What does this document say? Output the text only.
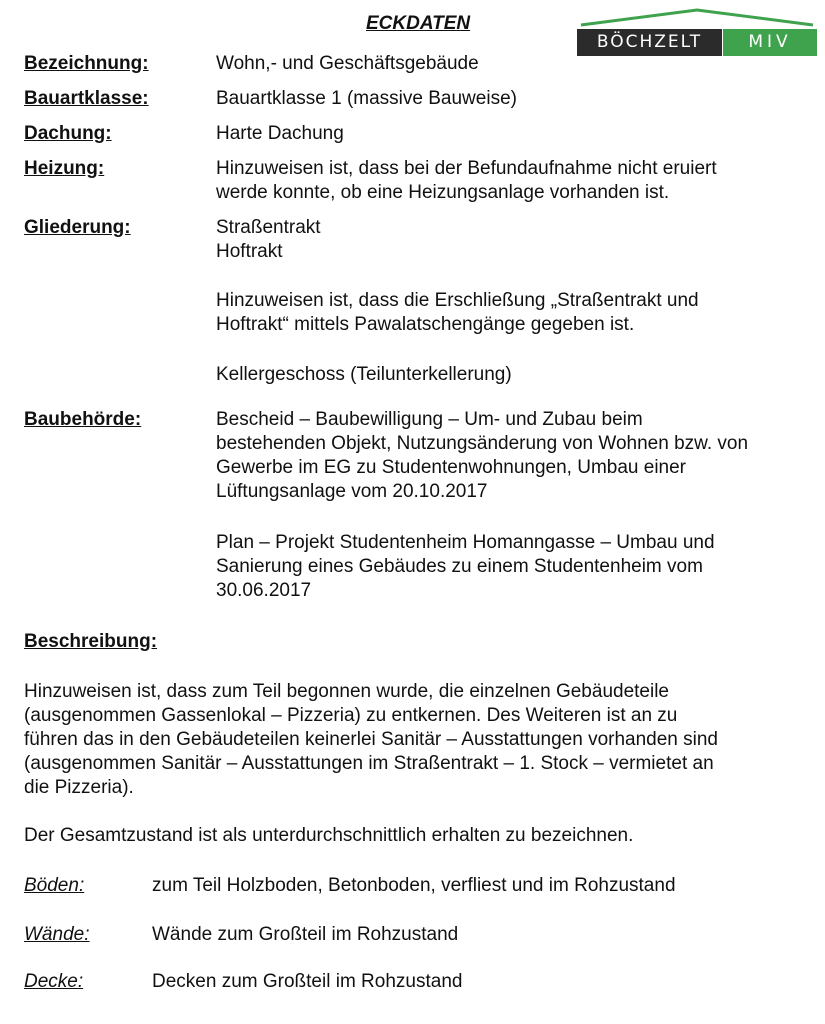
ECKDATEN
BÖCHZELT	MIV
Bezeichnung:	Wohn,- und Geschäftsgebäude
Bauartklasse:	Bauartklasse 1 (massive Bauweise)
Dachung:	Harte Dachung
Heizung:	Hinzuweisen ist, dass bei der Befundaufnahme nicht eruiert
werde konnte, ob eine Heizungsanlage vorhanden ist.
Gliederung:	Straßentrakt
Hoftrakt
Hinzuweisen ist, dass die Erschließung „Straßentrakt und
Hoftrakt“ mittels Pawalatschengänge gegeben ist.
Kellergeschoss (Teilunterkellerung)
Baubehörde:	Bescheid – Baubewilligung – Um- und Zubau beim
bestehenden Objekt, Nutzungsänderung von Wohnen bzw. von
Gewerbe im EG zu Studentenwohnungen, Umbau einer
Lüftungsanlage vom 20.10.2017
Plan – Projekt Studentenheim Homanngasse – Umbau und
Sanierung eines Gebäudes zu einem Studentenheim vom
30.06.2017
Beschreibung:
Hinzuweisen ist, dass zum Teil begonnen wurde, die einzelnen Gebäudeteile
(ausgenommen Gassenlokal – Pizzeria) zu entkernen. Des Weiteren ist an zu
führen das in den Gebäudeteilen keinerlei Sanitär – Ausstattungen vorhanden sind
(ausgenommen Sanitär – Ausstattungen im Straßentrakt – 1. Stock – vermietet an
die Pizzeria).
Der Gesamtzustand ist als unterdurchschnittlich erhalten zu bezeichnen.
Böden:	zum Teil Holzboden, Betonboden, verfliest und im Rohzustand
Wände:	Wände zum Großteil im Rohzustand
Decke:	Decken zum Großteil im Rohzustand
